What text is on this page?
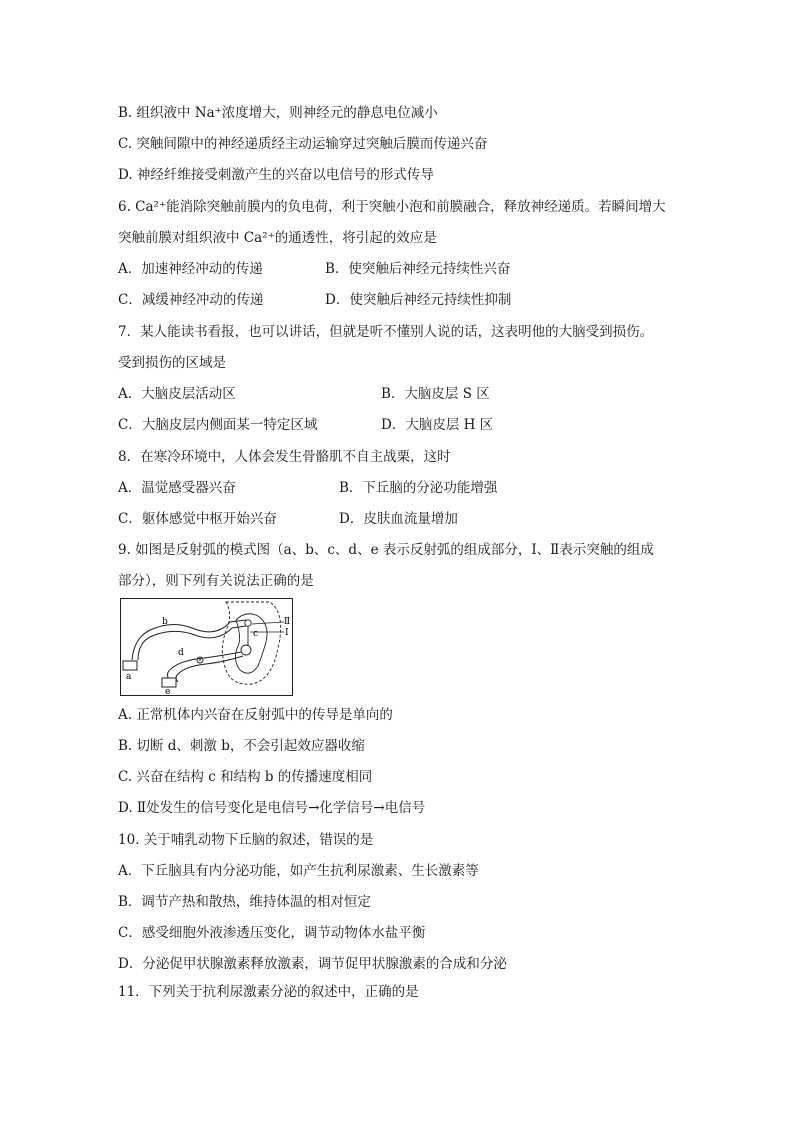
B. 组织液中 Na⁺浓度增大，则神经元的静息电位减小
C. 突触间隙中的神经递质经主动运输穿过突触后膜而传递兴奋
D. 神经纤维接受刺激产生的兴奋以电信号的形式传导
6. Ca²⁺能消除突触前膜内的负电荷，利于突触小泡和前膜融合，释放神经递质。若瞬间增大
突触前膜对组织液中 Ca²⁺的通透性，将引起的效应是
A．加速神经冲动的传递	B．使突触后神经元持续性兴奋
C．减缓神经冲动的传递	D．使突触后神经元持续性抑制
7．某人能读书看报，也可以讲话，但就是听不懂别人说的话，这表明他的大脑受到损伤。
受到损伤的区域是
A．大脑皮层活动区	B．大脑皮层 S 区
C．大脑皮层内侧面某一特定区域	D．大脑皮层 H 区
8．在寒冷环境中，人体会发生骨骼肌不自主战栗，这时
A．温觉感受器兴奋	B．下丘脑的分泌功能增强
C．躯体感觉中枢开始兴奋	D．皮肤血流量增加
9. 如图是反射弧的模式图（a、b、c、d、e 表示反射弧的组成部分，Ⅰ、Ⅱ表示突触的组成
部分），则下列有关说法正确的是
a
b
c
d
e
Ⅱ
Ⅰ
A. 正常机体内兴奋在反射弧中的传导是单向的
B. 切断 d、刺激 b，不会引起效应器收缩
C. 兴奋在结构 c 和结构 b 的传播速度相同
D. Ⅱ处发生的信号变化是电信号→化学信号→电信号
10. 关于哺乳动物下丘脑的叙述，错误的是
A．下丘脑具有内分泌功能，如产生抗利尿激素、生长激素等
B．调节产热和散热，维持体温的相对恒定
C．感受细胞外液渗透压变化，调节动物体水盐平衡
D．分泌促甲状腺激素释放激素，调节促甲状腺激素的合成和分泌
11．下列关于抗利尿激素分泌的叙述中，正确的是
